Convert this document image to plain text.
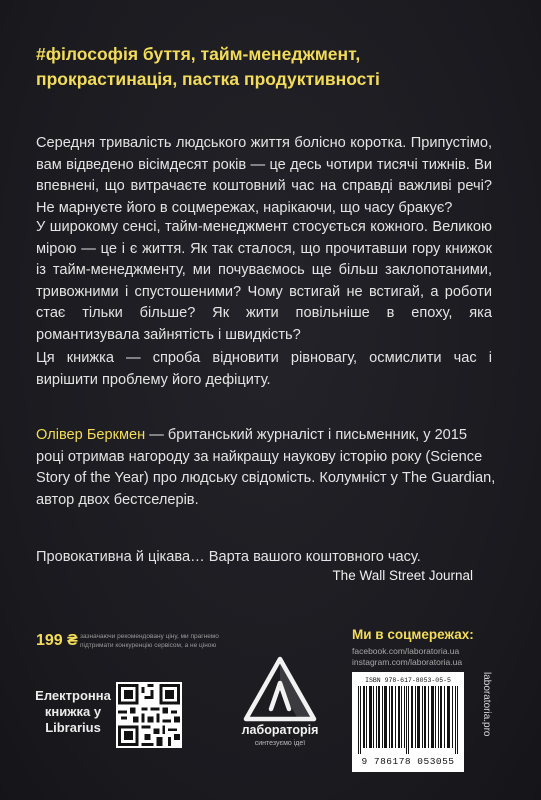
#філософія буття, тайм-менеджмент, прокрастинація, пастка продуктивності
Середня тривалість людського життя болісно коротка. Припустімо, вам відведено вісімдесят років — це десь чотири тисячі тижнів. Ви впевнені, що витрачаєте коштовний час на справді важливі речі? Не марнуєте його в соцмережах, нарікаючи, що часу бракує?
У широкому сенсі, тайм-менеджмент стосується кожного. Великою мірою — це і є життя. Як так сталося, що прочитавши гору книжок із тайм-менеджменту, ми почуваємось ще більш заклопотаними, тривожними і спустошеними? Чому встигай не встигай, а роботи стає тільки більше? Як жити повільніше в епоху, яка романтизувала зайнятість і швидкість?
Ця книжка — спроба відновити рівновагу, осмислити час і вирішити проблему його дефіциту.
Олівер Беркмен — британський журналіст і письменник, у 2015 році отримав нагороду за найкращу наукову історію року (Science Story of the Year) про людську свідомість. Колумніст у The Guardian, автор двох бестселерів.
Провокативна й цікава… Варта вашого коштовного часу.
The Wall Street Journal
199 ₴ зазначаючи рекомендовану ціну, ми прагнемо підтримати конкуренцію сервісом, а не ціною
Електронна книжка у Librarius	лабораторія
синтезуємо ідеї
Ми в соцмережах:
facebook.com/laboratoria.ua
instagram.com/laboratoria.ua
ISBN 978-617-8053-05-5
9 786178 053055
laboratoria.pro
